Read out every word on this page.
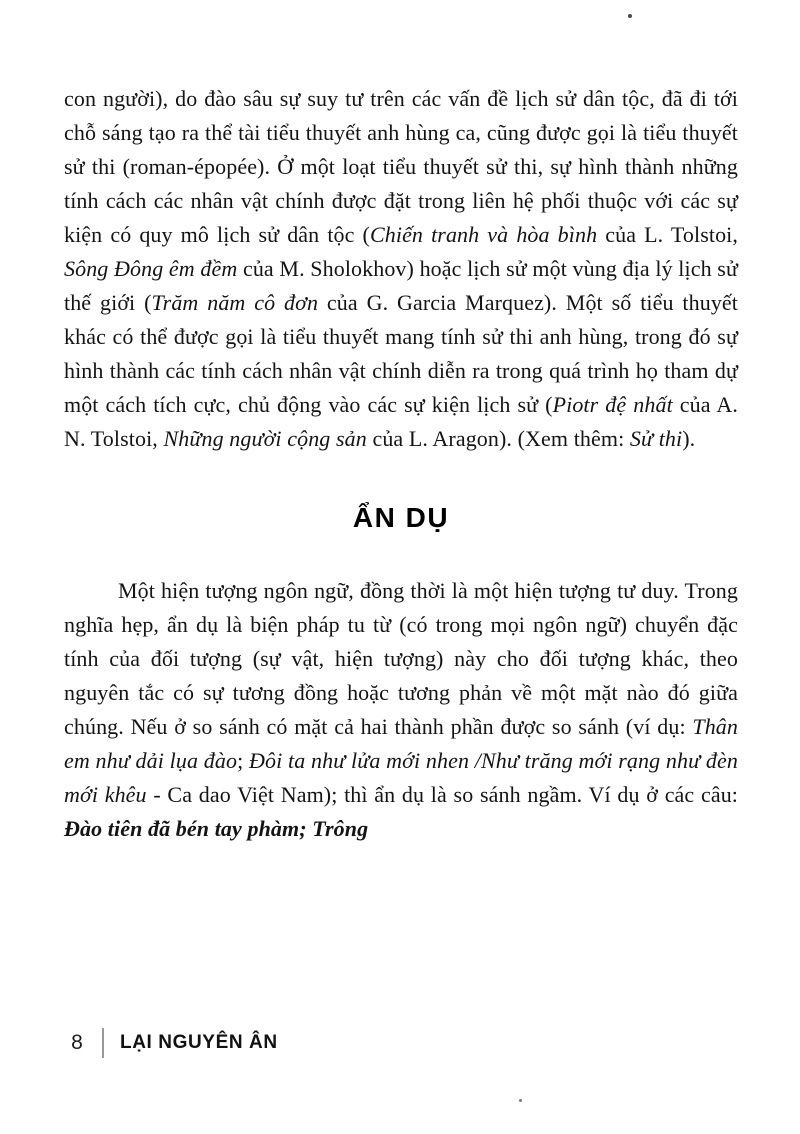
con người), do đào sâu sự suy tư trên các vấn đề lịch sử dân tộc, đã đi tới chỗ sáng tạo ra thể tài tiểu thuyết anh hùng ca, cũng được gọi là tiểu thuyết sử thi (roman-épopée). Ở một loạt tiểu thuyết sử thi, sự hình thành những tính cách các nhân vật chính được đặt trong liên hệ phối thuộc với các sự kiện có quy mô lịch sử dân tộc (Chiến tranh và hòa bình của L. Tolstoi, Sông Đông êm đềm của M. Sholokhov) hoặc lịch sử một vùng địa lý lịch sử thế giới (Trăm năm cô đơn của G. Garcia Marquez). Một số tiểu thuyết khác có thể được gọi là tiểu thuyết mang tính sử thi anh hùng, trong đó sự hình thành các tính cách nhân vật chính diễn ra trong quá trình họ tham dự một cách tích cực, chủ động vào các sự kiện lịch sử (Piotr đệ nhất của A. N. Tolstoi, Những người cộng sản của L. Aragon). (Xem thêm: Sử thi).

ẨN DỤ

Một hiện tượng ngôn ngữ, đồng thời là một hiện tượng tư duy. Trong nghĩa hẹp, ẩn dụ là biện pháp tu từ (có trong mọi ngôn ngữ) chuyển đặc tính của đối tượng (sự vật, hiện tượng) này cho đối tượng khác, theo nguyên tắc có sự tương đồng hoặc tương phản về một mặt nào đó giữa chúng. Nếu ở so sánh có mặt cả hai thành phần được so sánh (ví dụ: Thân em như dải lụa đào; Đôi ta như lửa mới nhen /Như trăng mới rạng như đèn mới khêu - Ca dao Việt Nam); thì ẩn dụ là so sánh ngầm. Ví dụ ở các câu: Đào tiên đã bén tay phàm; Trông

8 LẠI NGUYÊN ÂN
